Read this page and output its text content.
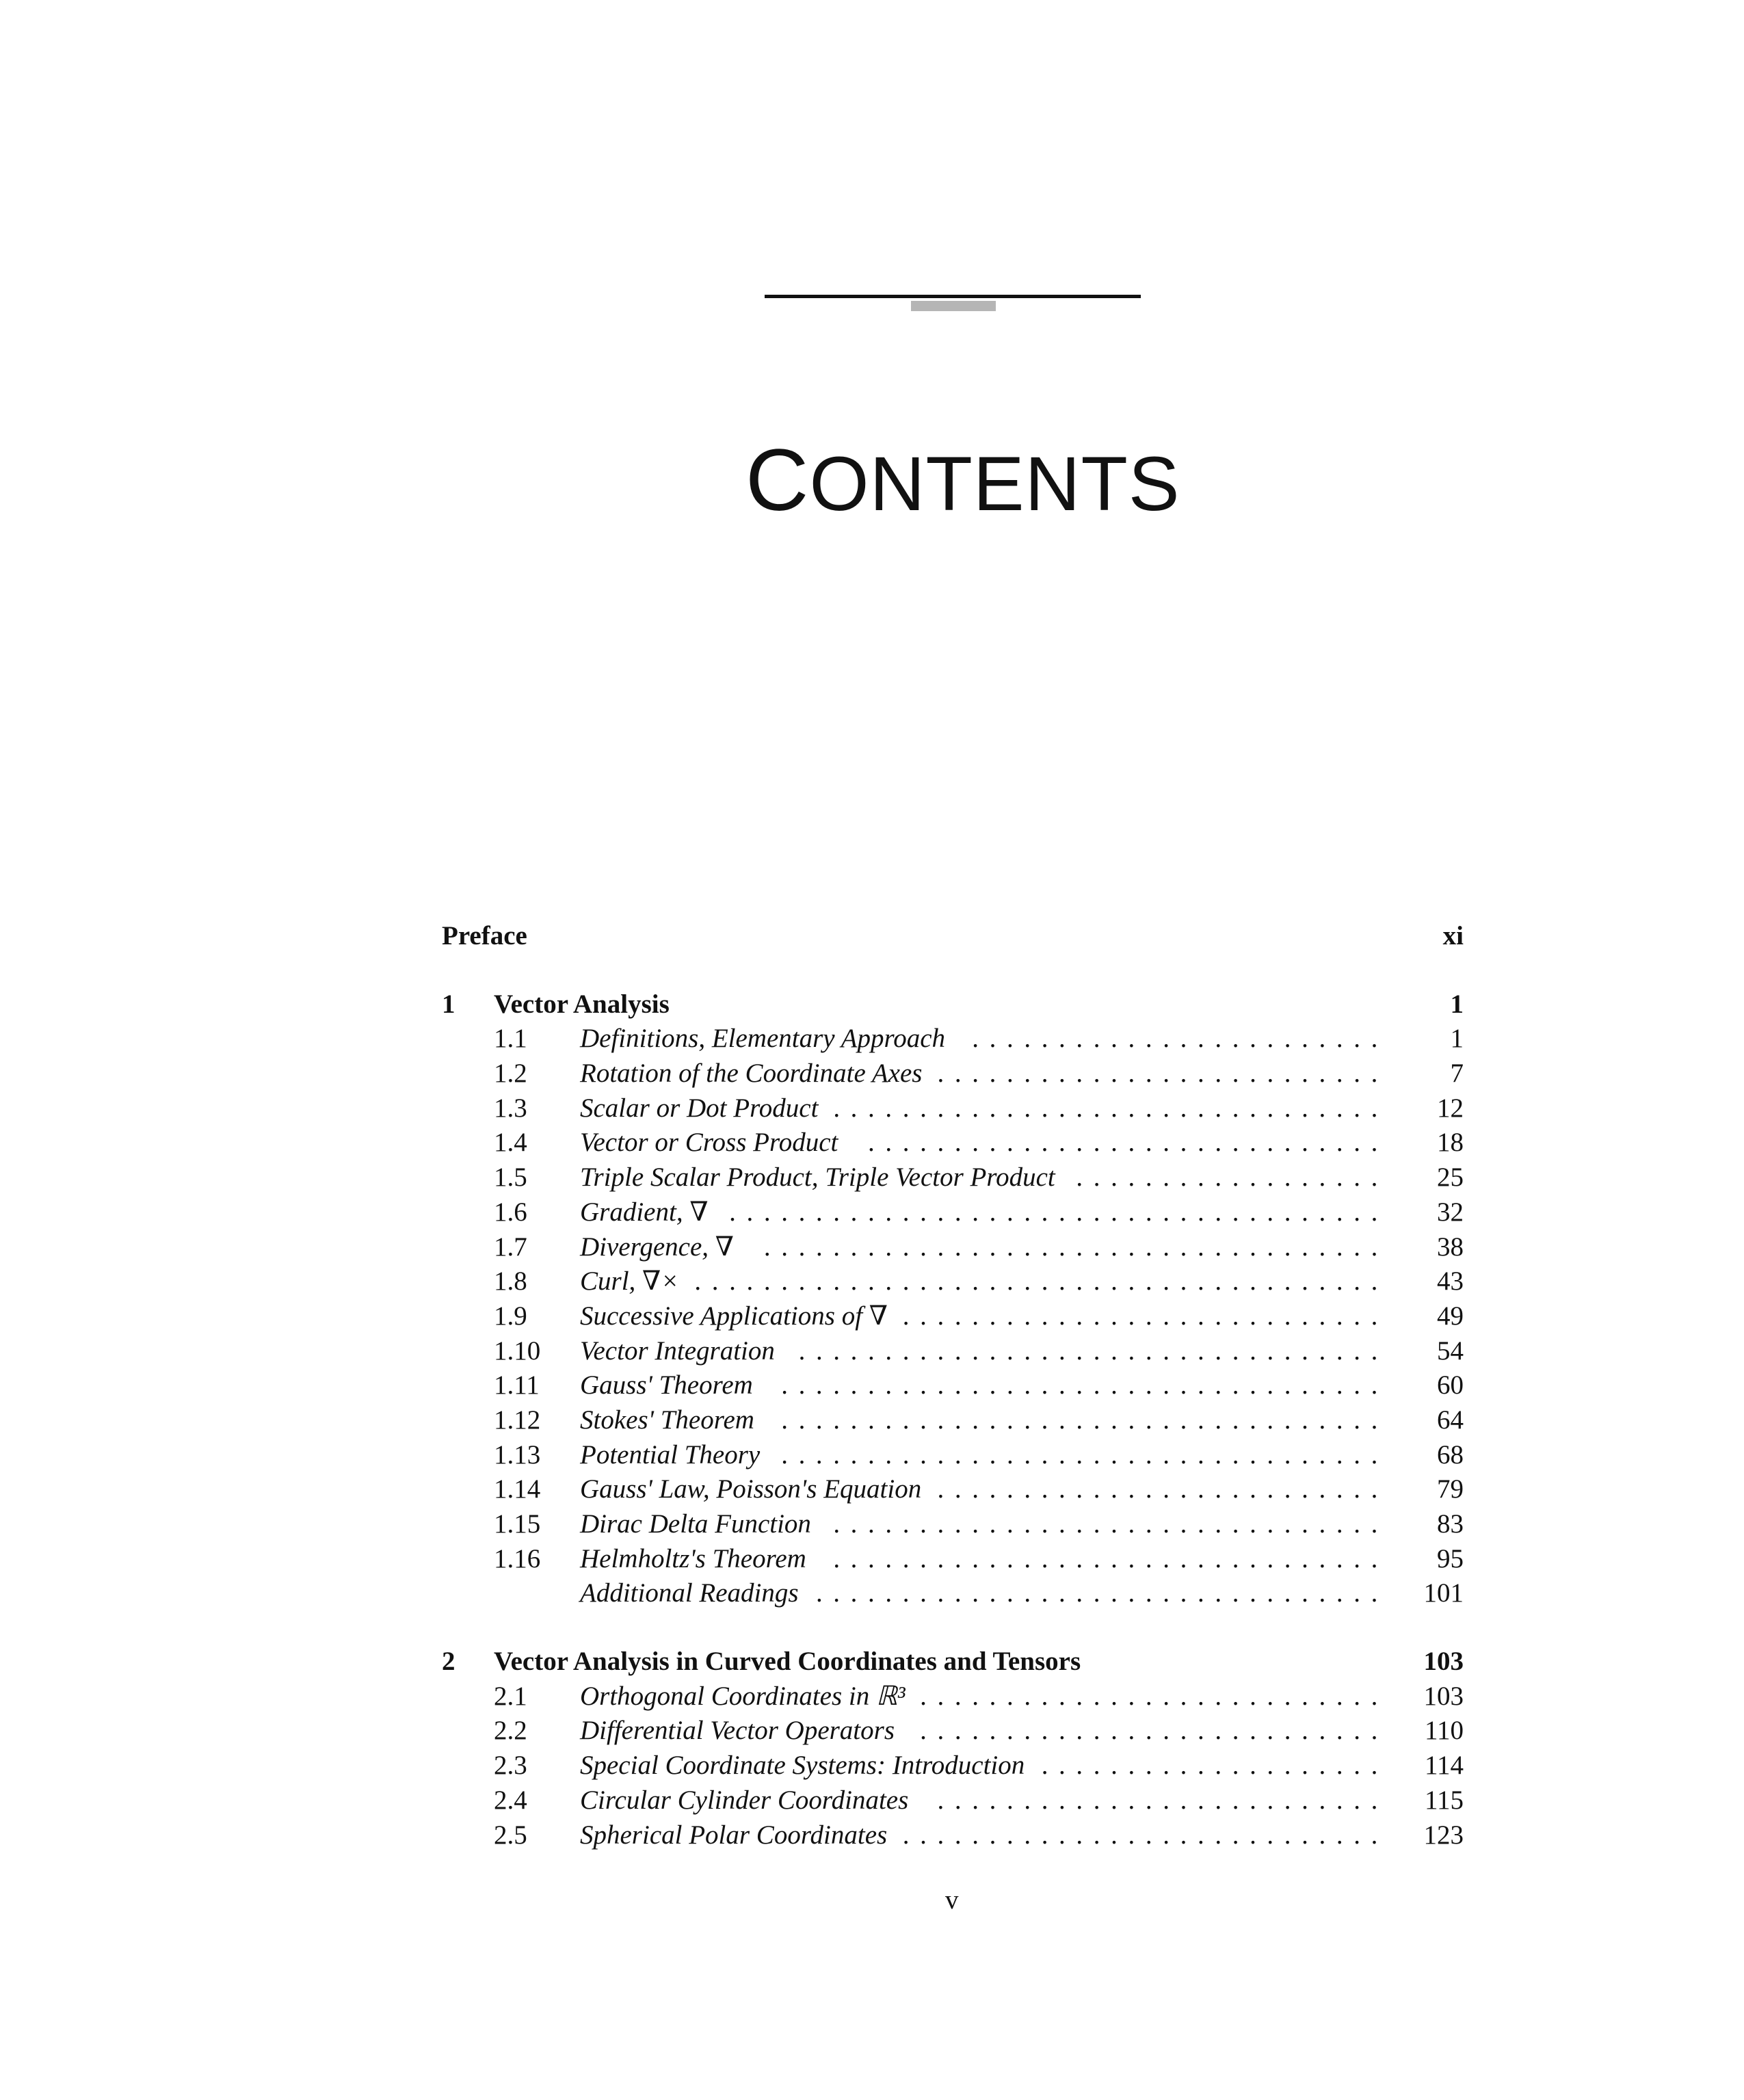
CONTENTS
Preface	xi
1 Vector Analysis	1
1.1 Definitions, Elementary Approach	.  .  .  .  .  .  .  .  .  .  .  .  .  .  .  .  .  .  .  .  .  .  .  .   1
1.2 Rotation of the Coordinate Axes .  .  .  .  .  .  .  .  .  .  .  .  .  .  .  .  .  .  .  .  .  .  .  .  .  .   7
1.3 Scalar or Dot Product .  .  .  .  .  .  .  .  .  .  .  .  .  .  .  .  .  .  .  .  .  .  .  .  .  .  .  .  .  .  .  .   12
1.4 Vector or Cross Product	.  .  .  .  .  .  .  .  .  .  .  .  .  .  .  .  .  .  .  .  .  .  .  .  .  .  .  .  .  .   18
1.5 Triple Scalar Product, Triple Vector Product .  .  .  .  .  .  .  .  .  .  .  .  .  .  .  .  .  .   25
1.6 Gradient, ∇ .  .  .  .  .  .  .  .  .  .  .  .  .  .  .  .  .  .  .  .  .  .  .  .  .  .  .  .  .  .  .  .  .  .  .  .  .  .   32
1.7 Divergence, ∇	.  .  .  .  .  .  .  .  .  .  .  .  .  .  .  .  .  .  .  .  .  .  .  .  .  .  .  .  .  .  .  .  .  .  .  .   38
1.8 Curl, ∇× .  .  .  .  .  .  .  .  .  .  .  .  .  .  .  .  .  .  .  .  .  .  .  .  .  .  .  .  .  .  .  .  .  .  .  .  .  .  .  .   43
1.9 Successive Applications of ∇ .  .  .  .  .  .  .  .  .  .  .  .  .  .  .  .  .  .  .  .  .  .  .  .  .  .  .  .   49
1.10 Vector Integration .  .  .  .  .  .  .  .  .  .  .  .  .  .  .  .  .  .  .  .  .  .  .  .  .  .  .  .  .  .  .  .  .  .   54
1.11 Gauss' Theorem	.  .  .  .  .  .  .  .  .  .  .  .  .  .  .  .  .  .  .  .  .  .  .  .  .  .  .  .  .  .  .  .  .  .  .   60
1.12 Stokes' Theorem	.  .  .  .  .  .  .  .  .  .  .  .  .  .  .  .  .  .  .  .  .  .  .  .  .  .  .  .  .  .  .  .  .  .  .   64
1.13 Potential Theory .  .  .  .  .  .  .  .  .  .  .  .  .  .  .  .  .  .  .  .  .  .  .  .  .  .  .  .  .  .  .  .  .  .  .   68
1.14 Gauss' Law, Poisson's Equation .  .  .  .  .  .  .  .  .  .  .  .  .  .  .  .  .  .  .  .  .  .  .  .  .  .   79
1.15 Dirac Delta Function .  .  .  .  .  .  .  .  .  .  .  .  .  .  .  .  .  .  .  .  .  .  .  .  .  .  .  .  .  .  .  .   83
1.16 Helmholtz's Theorem	.  .  .  .  .  .  .  .  .  .  .  .  .  .  .  .  .  .  .  .  .  .  .  .  .  .  .  .  .  .  .  .   95
Additional Readings .  .  .  .  .  .  .  .  .  .  .  .  .  .  .  .  .  .  .  .  .  .  .  .  .  .  .  .  .  .  .  .  .   101
2 Vector Analysis in Curved Coordinates and Tensors	103
2.1 Orthogonal Coordinates in ℝ³ .  .  .  .  .  .  .  .  .  .  .  .  .  .  .  .  .  .  .  .  .  .  .  .  .  .  .   103
2.2 Differential Vector Operators .  .  .  .  .  .  .  .  .  .  .  .  .  .  .  .  .  .  .  .  .  .  .  .  .  .  .   110
2.3 Special Coordinate Systems: Introduction .  .  .  .  .  .  .  .  .  .  .  .  .  .  .  .  .  .  .  .   114
2.4 Circular Cylinder Coordinates	.  .  .  .  .  .  .  .  .  .  .  .  .  .  .  .  .  .  .  .  .  .  .  .  .  .   115
2.5 Spherical Polar Coordinates .  .  .  .  .  .  .  .  .  .  .  .  .  .  .  .  .  .  .  .  .  .  .  .  .  .  .  .   123
v
